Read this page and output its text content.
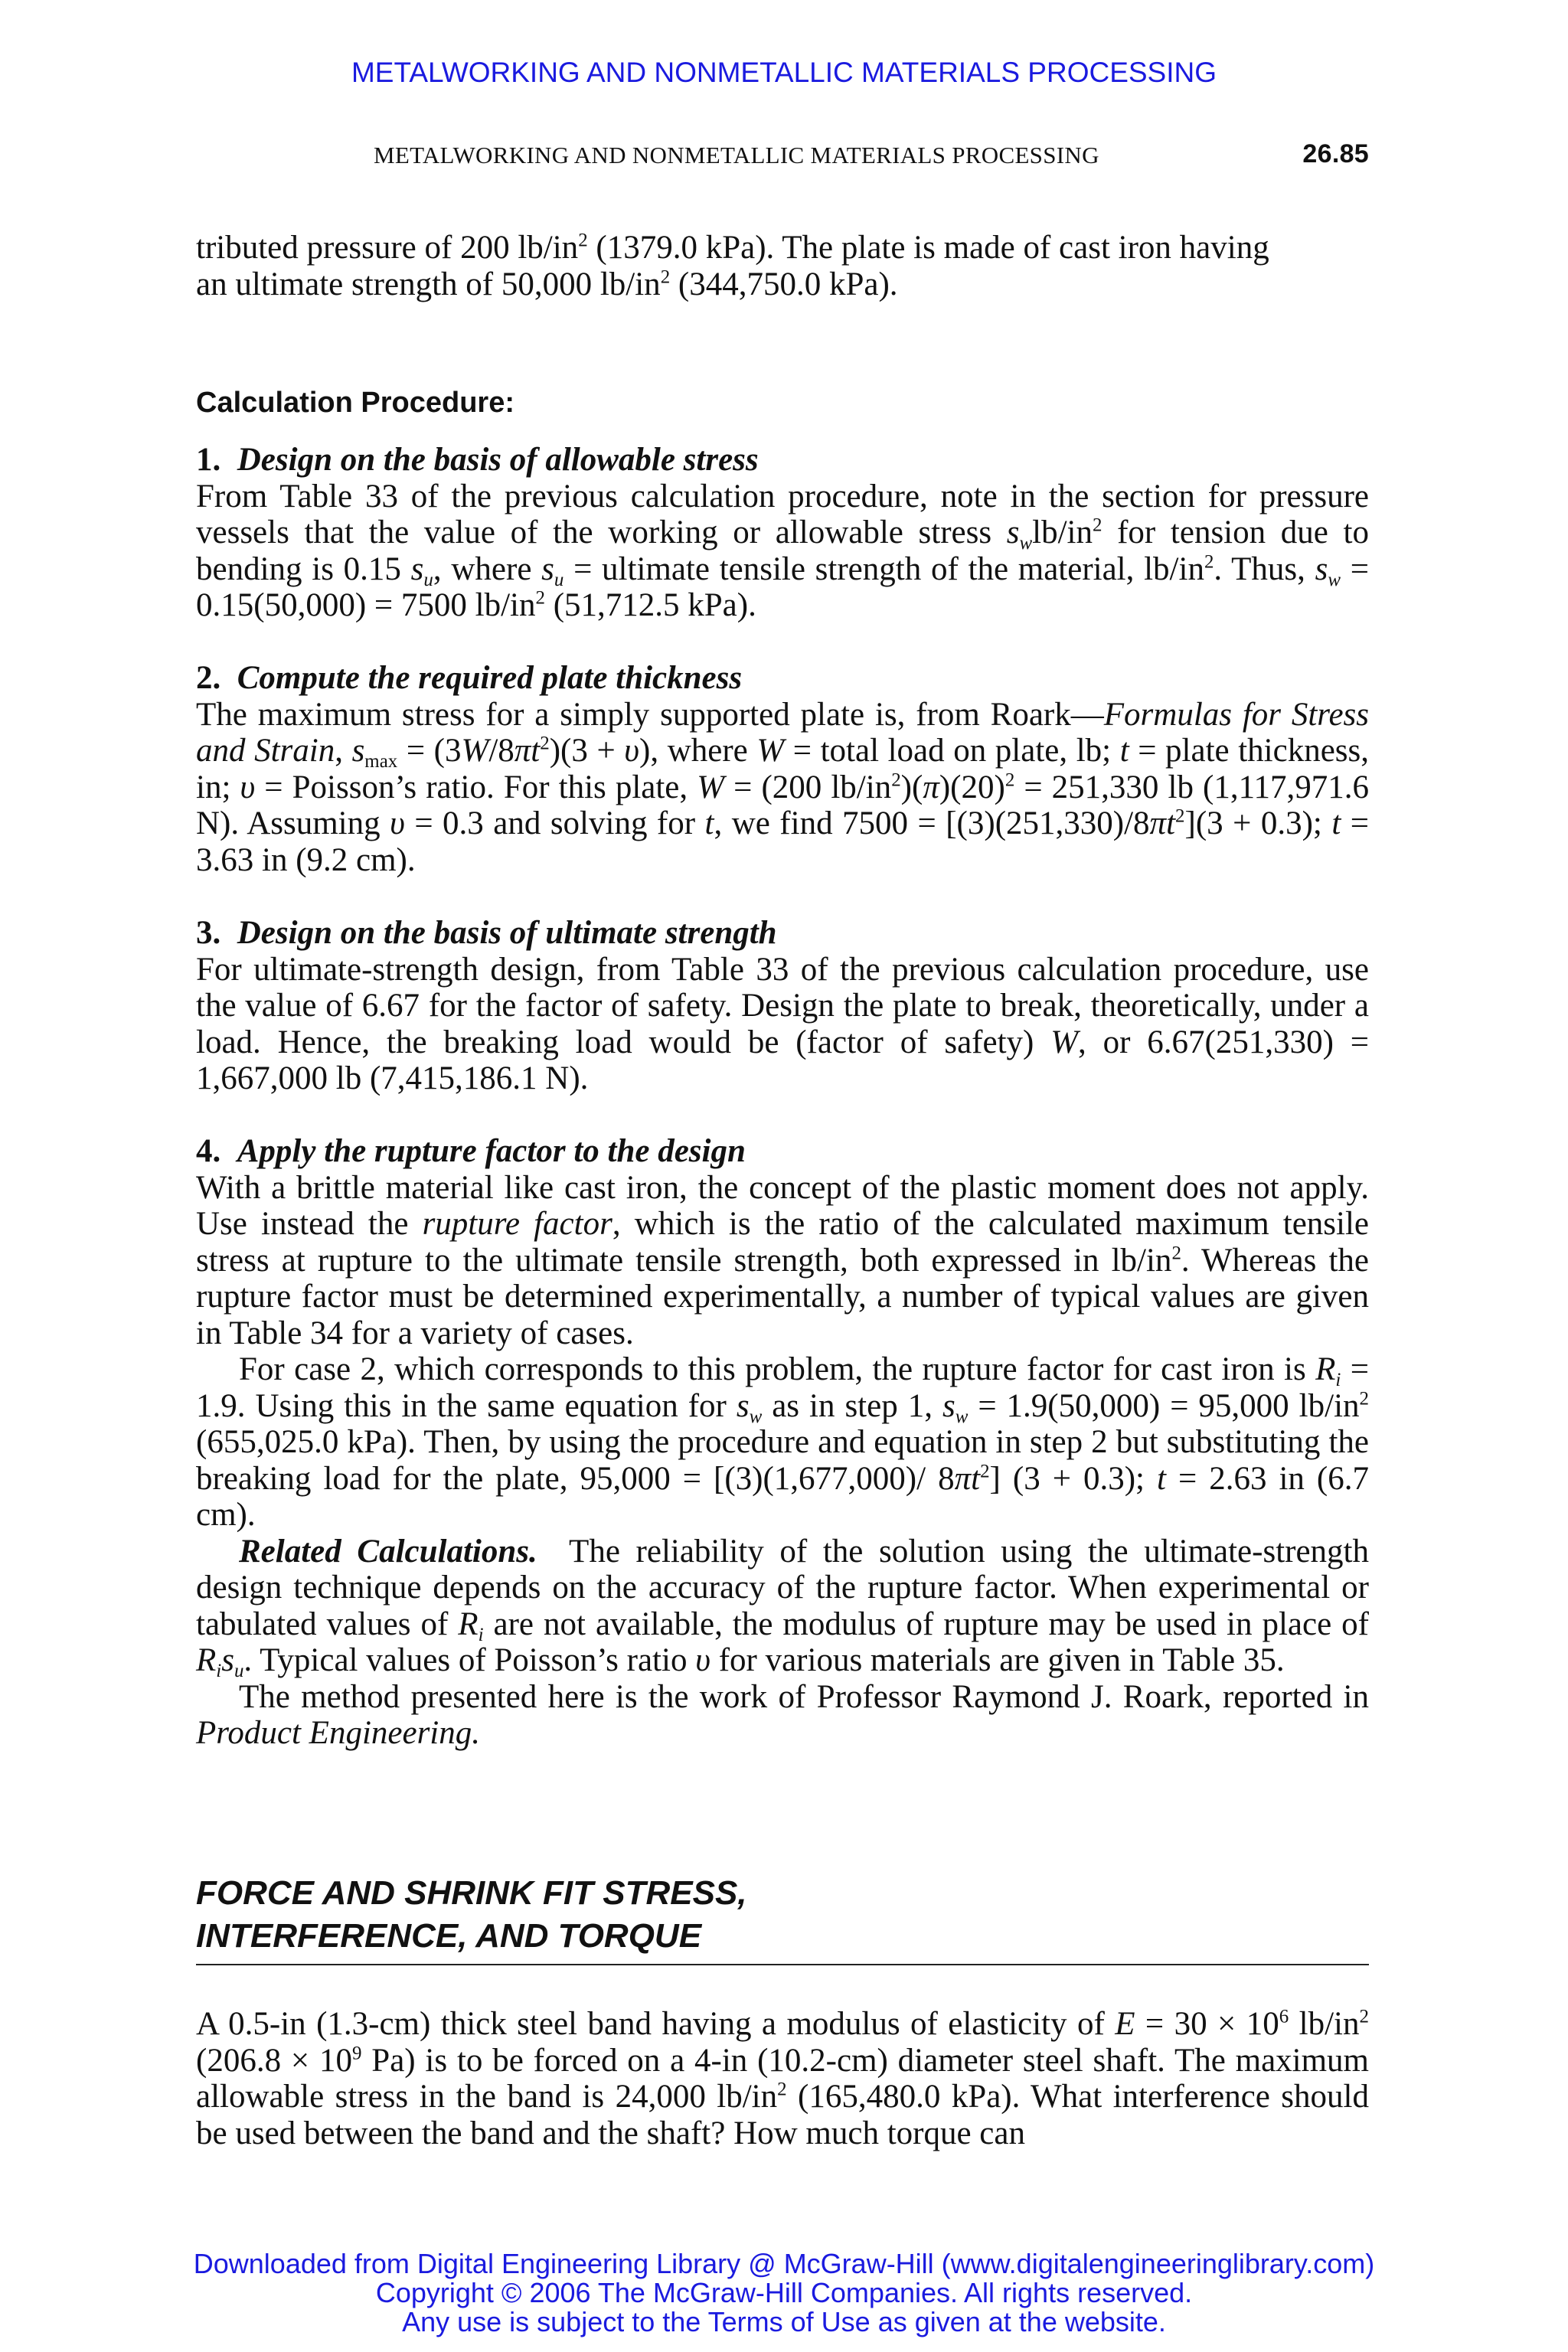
METALWORKING AND NONMETALLIC MATERIALS PROCESSING
METALWORKING AND NONMETALLIC MATERIALS PROCESSING	26.85

tributed pressure of 200 $lb/in^2$ (1379.0 kPa). The plate is made of cast iron having

an ultimate strength of 50,000 $lb/in^2$ (344,750.0 kPa).

Calculation Procedure:

1. Design on the basis of allowable stress

From Table 33 of the previous calculation procedure, note in the section for pressure vessels that the value of the working or allowable stress $s_wlb/in^2$ for tension due to bending is 0.15 $s_u$, where $s_u$ = ultimate tensile strength of the material, $lb/in^2$. Thus, $s_w = 0.15(50,000) = 7500$ $lb/in^2$ (51,712.5 kPa).

2. Compute the required plate thickness

The maximum stress for a simply supported plate is, from Roark—Formulas for Stress and Strain, $s_{max} = (3W/8\pi t^2)(3 + \upsilon)$, where W = total load on plate, lb; t = plate thickness, in; υ = Poisson’s ratio. For this plate, W = (200 $lb/in^2)(\pi)(20)^2 = 251,330$ lb (1,117,971.6 N). Assuming υ = 0.3 and solving for t, we find $7500 = [(3)(251,330)/8\pi t^2](3 + 0.3)$; t = 3.63 in (9.2 cm).

3. Design on the basis of ultimate strength

For ultimate-strength design, from Table 33 of the previous calculation procedure, use the value of 6.67 for the factor of safety. Design the plate to break, theoretically, under a load. Hence, the breaking load would be (factor of safety) W, or 6.67(251,330) = 1,667,000 lb (7,415,186.1 N).

4. Apply the rupture factor to the design

With a brittle material like cast iron, the concept of the plastic moment does not apply. Use instead the rupture factor, which is the ratio of the calculated maximum tensile stress at rupture to the ultimate tensile strength, both expressed in $lb/in^2$. Whereas the rupture factor must be determined experimentally, a number of typical values are given in Table 34 for a variety of cases.

For case 2, which corresponds to this problem, the rupture factor for cast iron is $R_i = 1.9$. Using this in the same equation for $s_w$ as in step 1, $s_w = 1.9(50,000) = 95,000$ $lb/in^2$ (655,025.0 kPa). Then, by using the procedure and equation in step 2 but substituting the breaking load for the plate, 95,000 = [(3)(1,677,000)/ $8\pi t^2$] (3 + 0.3); t = 2.63 in (6.7 cm).

Related Calculations.  The reliability of the solution using the ultimate-strength design technique depends on the accuracy of the rupture factor. When experimental or tabulated values of $R_i$ are not available, the modulus of rupture may be used in place of $R_is_u$. Typical values of Poisson’s ratio υ for various materials are given in Table 35.

The method presented here is the work of Professor Raymond J. Roark, reported in Product Engineering.

FORCE AND SHRINK FIT STRESS,
INTERFERENCE, AND TORQUE

A 0.5-in (1.3-cm) thick steel band having a modulus of elasticity of $E = 30 \times 10^6$ $lb/in^2$ ($206.8 \times 10^9$ Pa) is to be forced on a 4-in (10.2-cm) diameter steel shaft. The maximum allowable stress in the band is 24,000 $lb/in^2$ (165,480.0 kPa). What interference should be used between the band and the shaft? How much torque can

Downloaded from Digital Engineering Library @ McGraw-Hill (www.digitalengineeringlibrary.com)
Copyright © 2006 The McGraw-Hill Companies. All rights reserved.
Any use is subject to the Terms of Use as given at the website.
